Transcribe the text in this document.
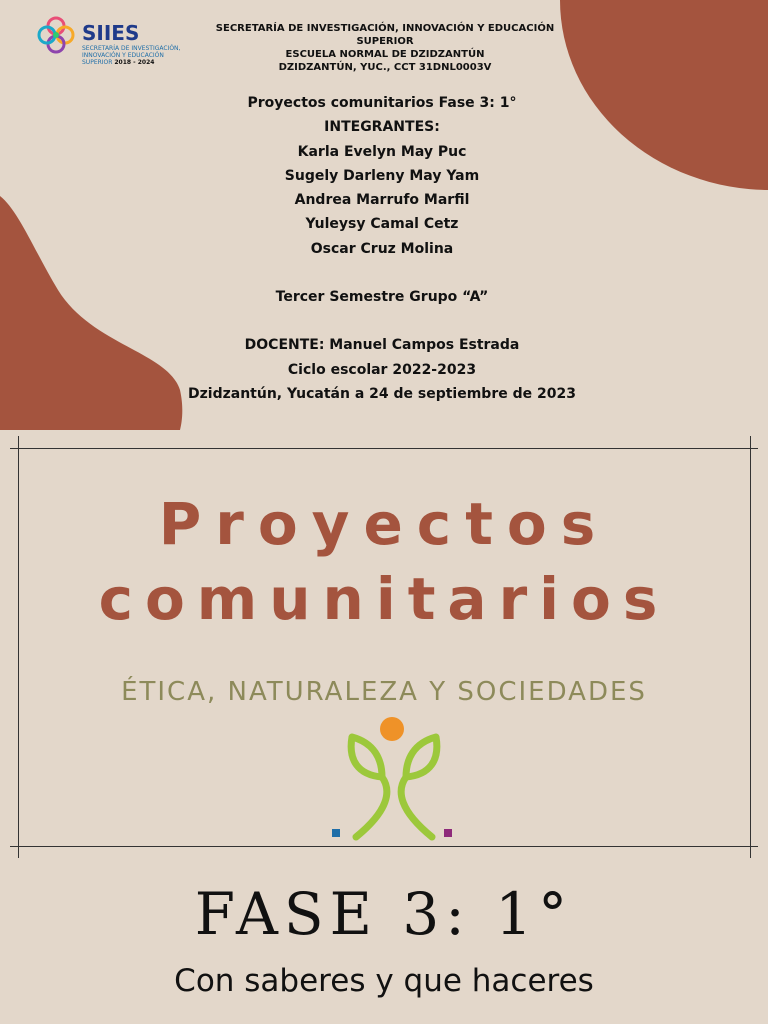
SIIES
SECRETARÍA DE INVESTIGACIÓN,
INNOVACIÓN Y EDUCACIÓN
SUPERIOR 2018 - 2024
SECRETARÍA DE INVESTIGACIÓN, INNOVACIÓN Y EDUCACIÓN SUPERIOR
ESCUELA NORMAL DE DZIDZANTÚN
DZIDZANTÚN, YUC., CCT 31DNL0003V
Proyectos comunitarios Fase 3: 1°
INTEGRANTES:
Karla Evelyn May Puc
Sugely Darleny May Yam
Andrea Marrufo Marfil
Yuleysy Camal Cetz
Oscar Cruz Molina
Tercer Semestre Grupo “A”
DOCENTE: Manuel Campos Estrada
Ciclo escolar 2022-2023
Dzidzantún, Yucatán a 24 de septiembre de 2023
Proyectos
comunitarios
ÉTICA, NATURALEZA Y SOCIEDADES
FASE 3: 1°
Con saberes y que haceres
